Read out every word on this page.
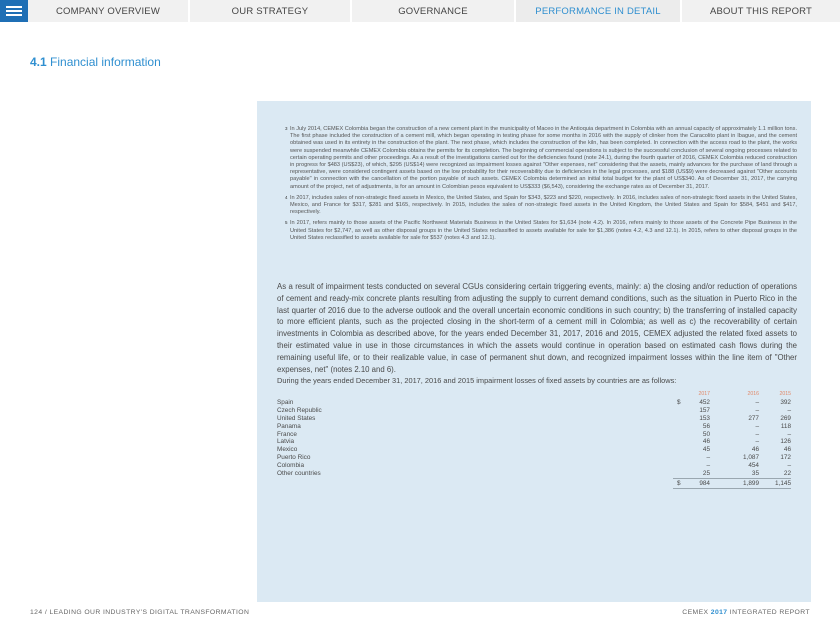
COMPANY OVERVIEW	OUR STRATEGY	GOVERNANCE	PERFORMANCE IN DETAIL	ABOUT THIS REPORT
4.1 Financial information
3 In July 2014, CEMEX Colombia began the construction of a new cement plant in the municipality of Maceo in the Antioquia department in Colombia with an annual capacity of approximately 1.1 million tons. The first phase included the construction of a cement mill, which began operating in testing phase for some months in 2016 with the supply of clinker from the Caracolito plant in Ibague, and the cement obtained was used in its entirety in the construction of the plant. The next phase, which includes the construction of the kiln, has been completed. In connection with the access road to the plant, the works were suspended meanwhile CEMEX Colombia obtains the permits for its completion. The beginning of commercial operations is subject to the successful conclusion of several ongoing processes related to certain operating permits and other proceedings. As a result of the investigations carried out for the deficiencies found (note 24.1), during the fourth quarter of 2016, CEMEX Colombia reduced construction in progress for $483 (US$23), of which, $295 (US$14) were recognized as impairment losses against "Other expenses, net" considering that the assets, mainly advances for the purchase of land through a representative, were considered contingent assets based on the low probability for their recoverability due to deficiencies in the legal processes, and $188 (US$9) were decreased against "Other accounts payable" in connection with the cancellation of the portion payable of such assets. CEMEX Colombia determined an initial total budget for the plant of US$340. As of December 31, 2017, the carrying amount of the project, net of adjustments, is for an amount in Colombian pesos equivalent to US$333 ($6,543), considering the exchange rates as of December 31, 2017.
4 In 2017, includes sales of non-strategic fixed assets in Mexico, the United States, and Spain for $343, $223 and $220, respectively. In 2016, includes sales of non-strategic fixed assets in the United States, Mexico, and France for $317, $281 and $165, respectively. In 2015, includes the sales of non-strategic fixed assets in the United Kingdom, the United States and Spain for $584, $451 and $417, respectively.
5 In 2017, refers mainly to those assets of the Pacific Northwest Materials Business in the United States for $1,634 (note 4.2). In 2016, refers mainly to those assets of the Concrete Pipe Business in the United States for $2,747, as well as other disposal groups in the United States reclassified to assets available for sale for $1,386 (notes 4.2, 4.3 and 12.1). In 2015, refers to other disposal groups in the United States reclassified to assets available for sale for $537 (notes 4.3 and 12.1).

As a result of impairment tests conducted on several CGUs considering certain triggering events, mainly: a) the closing and/or reduction of operations of cement and ready-mix concrete plants resulting from adjusting the supply to current demand conditions, such as the situation in Puerto Rico in the last quarter of 2016 due to the adverse outlook and the overall uncertain economic conditions in such country; b) the transferring of installed capacity to more efficient plants, such as the projected closing in the short-term of a cement mill in Colombia; as well as c) the recoverability of certain investments in Colombia as described above, for the years ended December 31, 2017, 2016 and 2015, CEMEX adjusted the related fixed assets to their estimated value in use in those circumstances in which the assets would continue in operation based on estimated cash flows during the remaining useful life, or to their realizable value, in case of permanent shut down, and recognized impairment losses within the line item of "Other expenses, net" (notes 2.10 and 6).

During the years ended December 31, 2017, 2016 and 2015 impairment losses of fixed assets by countries are as follows:

2017	2016	2015
Spain	$	452	–	392
Czech Republic	157	–	–
United States	153	277	269
Panama	56	–	118
France	50	–	–
Latvia	46	–	126
Mexico	45	46	46
Puerto Rico	–	1,087	172
Colombia	–	454	–
Other countries	25	35	22
$	984	1,899	1,145
124 / LEADING OUR INDUSTRY'S DIGITAL TRANSFORMATION	CEMEX 2017 INTEGRATED REPORT
